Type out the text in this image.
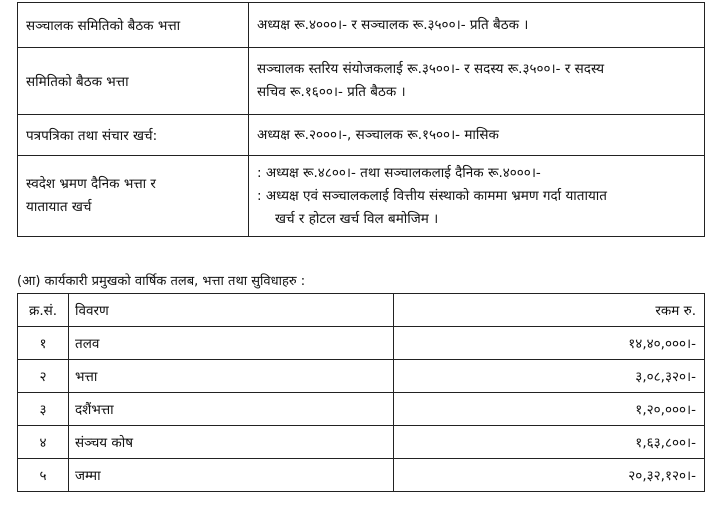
सञ्चालक समितिको बैठक भत्ता	अध्यक्ष रू.४०००।- र सञ्चालक रू.३५००।- प्रति बैठक ।

समितिको बैठक भत्ता	सञ्चालक स्तरिय संयोजकलाई रू.३५००।- र सदस्य रू.३५००।- र सदस्य
सचिव रू.१६००।- प्रति बैठक ।

पत्रपत्रिका तथा संचार खर्च:	अध्यक्ष रू.२०००।-, सञ्चालक रू.१५००।- मासिक

स्वदेश भ्रमण दैनिक भत्ता र यातायात खर्च	: अध्यक्ष रू.४८००।- तथा सञ्चालकलाई दैनिक रू.४०००।-
: अध्यक्ष एवं सञ्चालकलाई वित्तीय संस्थाको काममा भ्रमण गर्दा यातायात
खर्च र होटल खर्च विल बमोजिम ।
(आ) कार्यकारी प्रमुखको वार्षिक तलब, भत्ता तथा सुविधाहरु :
क्र.सं.	विवरण	रकम रु.
१	तलव	१४,४०,०००।-
२	भत्ता	३,०८,३२०।-
३	दशैंभत्ता	१,२०,०००।-
४	संञ्चय कोष	१,६३,८००।-
५	जम्मा	२०,३२,१२०।-
